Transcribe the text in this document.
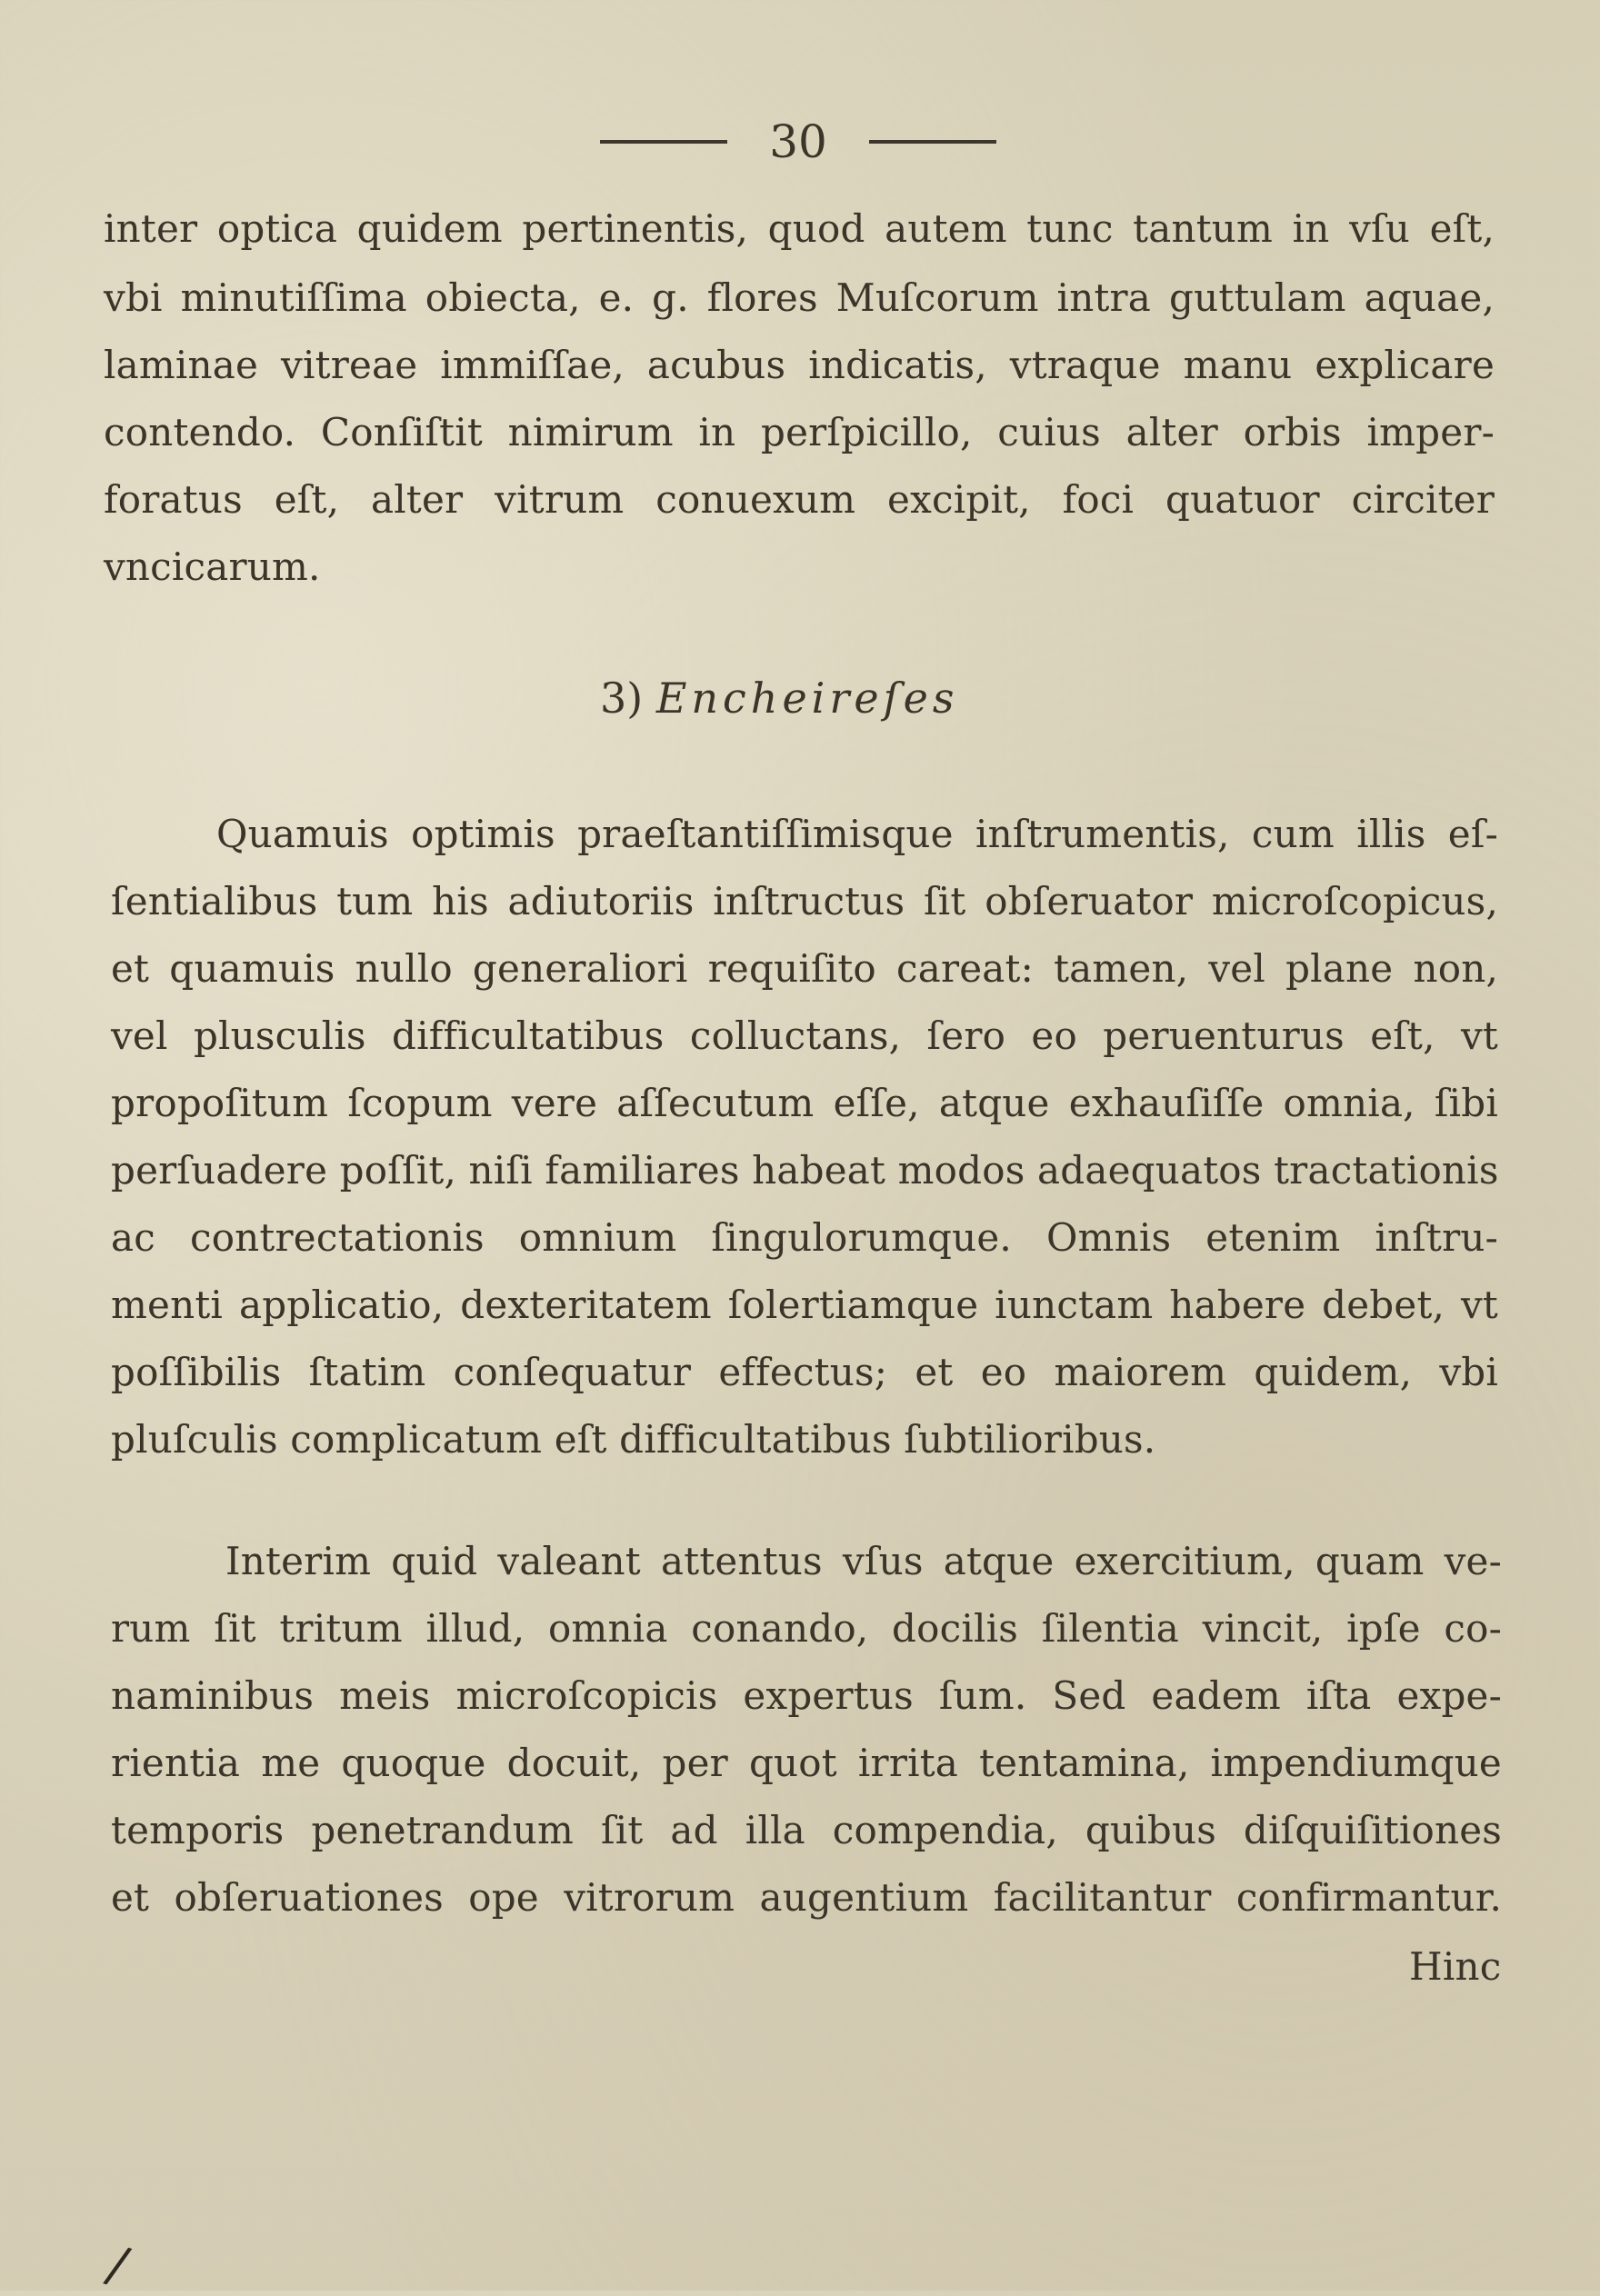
30
inter optica quidem pertinentis, quod autem tunc tantum in vſu eſt,
vbi minutiſſima obiecta, e. g. flores Muſcorum intra guttulam aquae,
laminae vitreae immiſſae, acubus indicatis, vtraque manu explicare
contendo. Conſiſtit nimirum in perſpicillo, cuius alter orbis imper-
foratus eſt, alter vitrum conuexum excipit, foci quatuor circiter
vncicarum.
3) Encheireſes
Quamuis optimis praeſtantiſſimisque inſtrumentis, cum illis eſ-
ſentialibus tum his adiutoriis inſtructus ſit obſeruator microſcopicus,
et quamuis nullo generaliori requiſito careat: tamen, vel plane non,
vel plusculis difficultatibus colluctans, ſero eo peruenturus eſt, vt
propoſitum ſcopum vere aſſecutum eſſe, atque exhauſiſſe omnia, ſibi
perſuadere poſſit, niſi familiares habeat modos adaequatos tractationis
ac contrectationis omnium ſingulorumque. Omnis etenim inſtru-
menti applicatio, dexteritatem ſolertiamque iunctam habere debet, vt
poſſibilis ſtatim conſequatur effectus; et eo maiorem quidem, vbi
pluſculis complicatum eſt difficultatibus ſubtilioribus.
Interim quid valeant attentus vſus atque exercitium, quam ve-
rum ſit tritum illud, omnia conando, docilis ſilentia vincit, ipſe co-
naminibus meis microſcopicis expertus ſum. Sed eadem iſta expe-
rientia me quoque docuit, per quot irrita tentamina, impendiumque
temporis penetrandum ſit ad illa compendia, quibus diſquiſitiones
et obſeruationes ope vitrorum augentium facilitantur confirmantur.
Hinc
/
